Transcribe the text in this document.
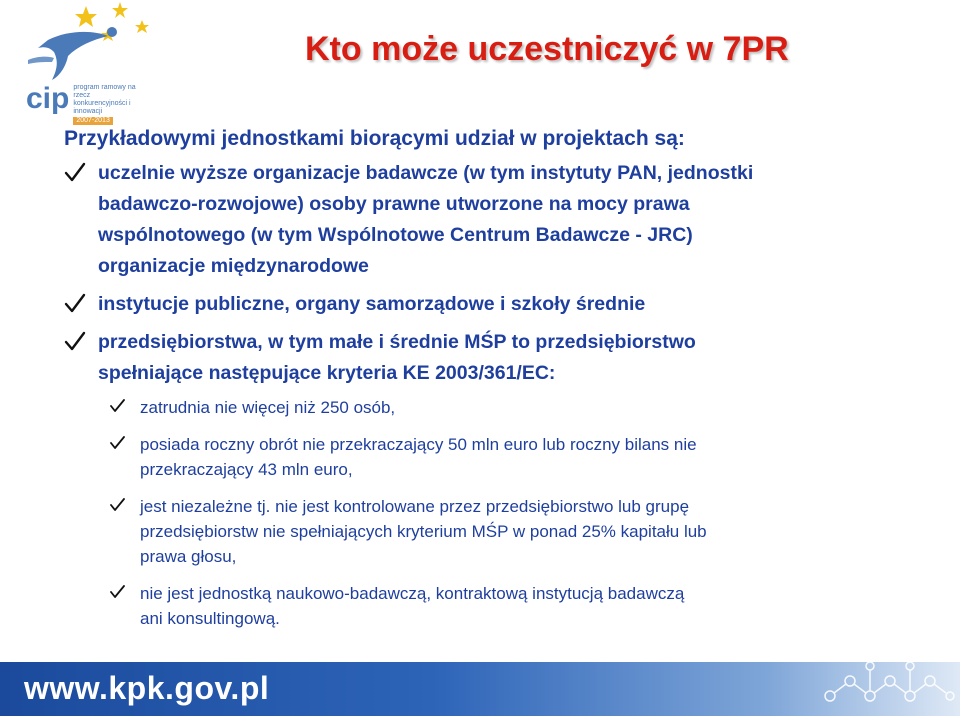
cip program ramowy na rzecz konkurencyjności i innowacji
2007-2013
Kto może uczestniczyć w 7PR

Przykładowymi jednostkami biorącymi udział w projektach są:

uczelnie wyższe organizacje badawcze (w tym instytuty PAN, jednostki
badawczo-rozwojowe) osoby prawne utworzone na mocy prawa
wspólnotowego (w tym Wspólnotowe Centrum Badawcze - JRC)
organizacje międzynarodowe
instytucje publiczne, organy samorządowe i szkoły średnie
przedsiębiorstwa, w tym małe i średnie MŚP to przedsiębiorstwo
spełniające następujące kryteria KE 2003/361/EC:
zatrudnia nie więcej niż 250 osób,
posiada roczny obrót nie przekraczający 50 mln euro lub roczny bilans nie
przekraczający 43 mln euro,
jest niezależne tj. nie jest kontrolowane przez przedsiębiorstwo lub grupę
przedsiębiorstw nie spełniających kryterium MŚP w ponad 25% kapitału lub
prawa głosu,
nie jest jednostką naukowo-badawczą, kontraktową instytucją badawczą
ani konsultingową.
www.kpk.gov.pl
